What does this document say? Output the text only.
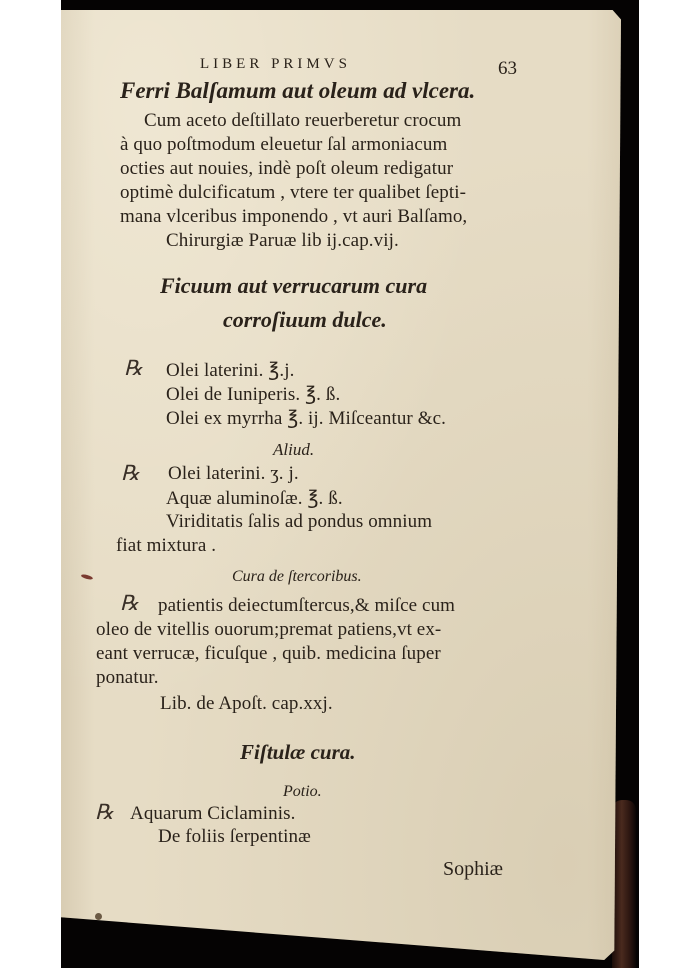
LIBER PRIMVS	63
Ferri Balſamum aut oleum ad vlcera.
Cum aceto deſtillato reuerberetur crocum
à quo poſtmodum eleuetur ſal armoniacum
octies aut nouies, indè poſt oleum redigatur
optimè dulcificatum , vtere ter qualibet ſepti-
mana vlceribus imponendo , vt auri Balſamo,
Chirurgiæ Paruæ lib ij.cap.vij.
Ficuum aut verrucarum cura
corroſiuum dulce.
℞ Olei laterini. ℥.j.
Olei de Iuniperis. ℥. ß.
Olei ex myrrha ℥. ij. Miſceantur &c.
Aliud.
℞ Olei laterini. ʒ. j.
Aquæ aluminoſæ. ℥. ß.
Viriditatis ſalis ad pondus omnium
fiat mixtura .
Cura de ſtercoribus.
℞ patientis deiectumſtercus,& miſce cum
oleo de vitellis ouorum;premat patiens,vt ex-
eant verrucæ, ficuſque , quib. medicina ſuper
ponatur.
Lib. de Apoſt. cap.xxj.
Fiſtulæ cura.
Potio.
℞ Aquarum Ciclaminis.
De foliis ſerpentinæ
Sophiæ
